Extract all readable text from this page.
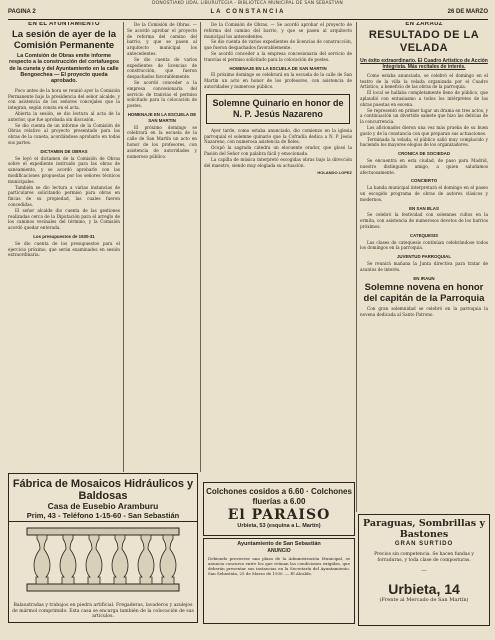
DONOSTIAKO UDAL LIBURUTEGIA - BIBLIOTECA MUNICIPAL DE SAN SEBASTIAN
PAGINA 2	LA CONSTANCIA	26 DE MARZO
EN EL AYUNTAMIENTO
La sesión de ayer de la Comisión Permanente
La Comisión de Obras emite informe respecto a la construcción del cortafuegos de la cuneta y del Ayuntamiento en la calle Bengoechea — El proyecto queda aprobado.

Poco antes de la hora se reunió ayer la Comisión Permanente bajo la presidencia del señor alcalde, y con asistencia de los señores concejales que la integran, según consta en el acta.

Abierta la sesión, se dio lectura al acta de la anterior, que fue aprobada sin discusión.

Se dio cuenta de un informe de la Comisión de Obras relativo al proyecto presentado para las obras de la cuneta, acordándose aprobarlo en todas sus partes.

DICTAMEN DE OBRAS

Se leyó el dictamen de la Comisión de Obras sobre el expediente instruido para las obras de saneamiento, y se acordó aprobarlo con las modificaciones propuestas por los señores técnicos municipales.

También se dio lectura a varias instancias de particulares solicitando permiso para obras en fincas de su propiedad, las cuales fueron concedidas.

El señor alcalde dio cuenta de las gestiones realizadas cerca de la Diputación para el arreglo de los caminos vecinales del término, y la Comisión acordó quedar enterada.

Los presupuestos de 1930-31

Se dio cuenta de los presupuestos para el ejercicio próximo, que serán examinados en sesión extraordinaria.

De la Comisión de Obras. — Se acordó aprobar el proyecto de reforma del camino del barrio, y que se pasen al arquitecto municipal los antecedentes.

Se dio cuenta de varios expedientes de licencias de construcción, que fueron despachados favorablemente.

Se acordó conceder a la empresa concesionaria del servicio de tranvías el permiso solicitado para la colocación de postes.

HOMENAJE EN LA ESCUELA DE SAN MARTIN

El próximo domingo se celebrará en la escuela de la calle de San Martín un acto en honor de los profesores, con asistencia de autoridades y numeroso público.

De la Comisión de Obras. — Se acordó aprobar el proyecto de reforma del camino del barrio, y que se pasen al arquitecto municipal los antecedentes.

Se dio cuenta de varios expedientes de licencias de construcción, que fueron despachados favorablemente.

Se acordó conceder a la empresa concesionaria del servicio de tranvías el permiso solicitado para la colocación de postes.

HOMENAJE EN LA ESCUELA DE SAN MARTIN

El próximo domingo se celebrará en la escuela de la calle de San Martín un acto en honor de los profesores, con asistencia de autoridades y numeroso público.

Solemne Quinario en honor de N. P. Jesús Nazareno

Ayer tarde, como estaba anunciado, dio comienzo en la iglesia parroquial el solemne quinario que la Cofradía dedica a N. P. Jesús Nazareno, con numerosa asistencia de fieles.

Ocupó la sagrada cátedra un elocuente orador, que glosó la Pasión del Señor con palabra fácil y emocionada.

La capilla de música interpretó escogidas obras bajo la dirección del maestro, siendo muy elogiada su actuación.

HOLANDO LOPEZ
EN ZARAUZ
RESULTADO DE LA VELADA
Un éxito extraordinario. El Cuadro Artístico de Acción Integrista. Más recitales de interés.

Como estaba anunciado, se celebró el domingo en el teatro de la villa la velada organizada por el Cuadro Artístico, a beneficio de las obras de la parroquia.

El local se hallaba completamente lleno de público, que aplaudió con entusiasmo a todos los intérpretes de las obras puestas en escena.

Se representó en primer lugar un drama en tres actos, y a continuación un divertido sainete que hizo las delicias de la concurrencia.

Los aficionados dieron una vez más prueba de su buen gusto y de la constancia con que preparan sus actuaciones.

Terminada la velada, el público salió muy complacido y haciendo los mayores elogios de los organizadores.

CRONICA DE SOCIEDAD

Se encuentra en esta ciudad, de paso para Madrid, nuestro distinguido amigo, a quien saludamos afectuosamente.

CONCIERTO

La banda municipal interpretará el domingo en el paseo un escogido programa de obras de autores clásicos y modernos.

EN SAN BLAS

Se celebró la festividad con solemnes cultos en la ermita, con asistencia de numerosos devotos de los barrios próximos.

CATEQUESIS

Las clases de catequesis continúan celebrándose todos los domingos en la parroquia.

JUVENTUD PARROQUIAL

Se reunirá mañana la Junta directiva para tratar de asuntos de interés.

EN IRAUN
Solemne novena en honor del capitán de la Parroquia

Con gran solemnidad se celebró en la parroquia la novena dedicada al Santo Patrono.

Fábrica de Mosaicos Hidráulicos y Baldosas
Casa de Eusebio Aramburu
Prim, 43 - Teléfono 1-15-60 - San Sebastián
Balaustradas y trabajos en piedra artificial. Fregaderas, lavaderos y azulejos de mármol comprimido. Esta casa se encarga también de la colocación de sus artículos.
Colchones cosidos a 6.60 · Colchones fluerías a 6.00
El PARAISO
Urbieta, 53 (esquina a L. Martín)
Ayuntamiento de San Sebastián
ANUNCIO
Debiendo proveerse una plaza de la Administración Municipal, se anuncia concurso entre los que reúnan las condiciones exigidas, que deberán presentar sus instancias en la Secretaría del Ayuntamiento. San Sebastián, 25 de Marzo de 1930. — El Alcalde.
Paraguas, Sombrillas y Bastones
GRAN SURTIDO
Precios sin competencia. Se hacen fundas y forraduras, y toda clase de composturas.
—
Urbieta, 14
(Frente al Mercado de San Martín)
